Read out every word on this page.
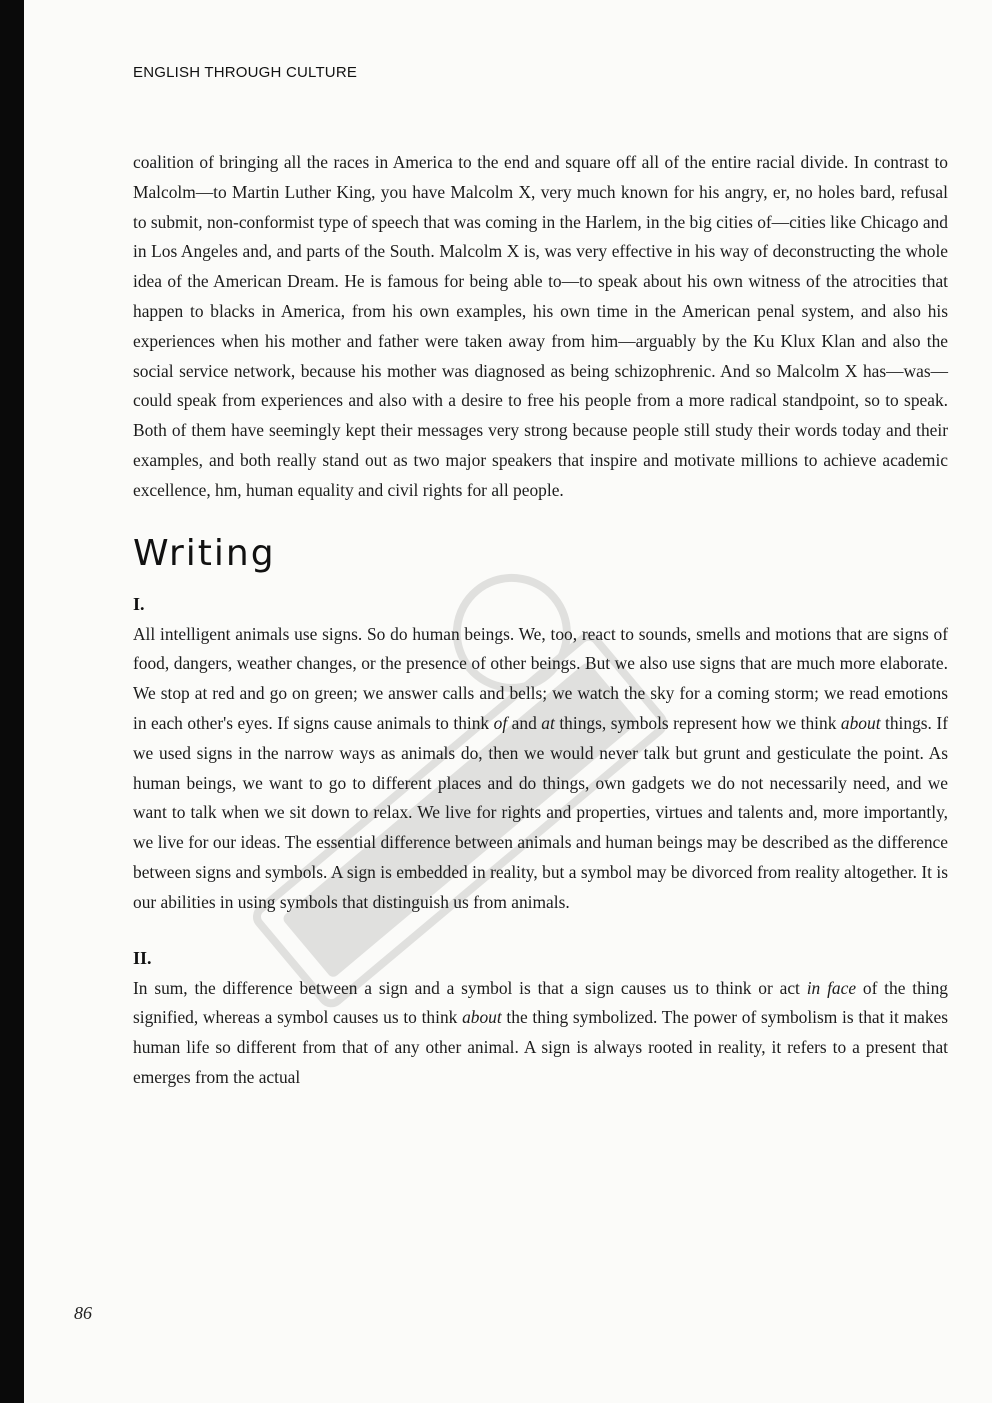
ENGLISH THROUGH CULTURE

coalition of bringing all the races in America to the end and square off all of the entire racial divide. In contrast to Malcolm—to Martin Luther King, you have Malcolm X, very much known for his angry, er, no holes bard, refusal to submit, non-conformist type of speech that was coming in the Harlem, in the big cities of—cities like Chicago and in Los Angeles and, and parts of the South. Malcolm X is, was very effective in his way of deconstructing the whole idea of the American Dream. He is famous for being able to—to speak about his own witness of the atrocities that happen to blacks in America, from his own examples, his own time in the American penal system, and also his experiences when his mother and father were taken away from him—arguably by the Ku Klux Klan and also the social service network, because his mother was diagnosed as being schizophrenic. And so Malcolm X has—was—could speak from experiences and also with a desire to free his people from a more radical standpoint, so to speak. Both of them have seemingly kept their messages very strong because people still study their words today and their examples, and both really stand out as two major speakers that inspire and motivate millions to achieve academic excellence, hm, human equality and civil rights for all people.

Writing
I.

All intelligent animals use signs. So do human beings. We, too, react to sounds, smells and motions that are signs of food, dangers, weather changes, or the presence of other beings. But we also use signs that are much more elaborate. We stop at red and go on green; we answer calls and bells; we watch the sky for a coming storm; we read emotions in each other's eyes. If signs cause animals to think of and at things, symbols represent how we think about things. If we used signs in the narrow ways as animals do, then we would never talk but grunt and gesticulate the point. As human beings, we want to go to different places and do things, own gadgets we do not necessarily need, and we want to talk when we sit down to relax. We live for rights and properties, virtues and talents and, more importantly, we live for our ideas. The essential difference between animals and human beings may be described as the difference between signs and symbols. A sign is embedded in reality, but a symbol may be divorced from reality altogether. It is our abilities in using symbols that distinguish us from animals.

II.

In sum, the difference between a sign and a symbol is that a sign causes us to think or act in face of the thing signified, whereas a symbol causes us to think about the thing symbolized. The power of symbolism is that it makes human life so different from that of any other animal. A sign is always rooted in reality, it refers to a present that emerges from the actual

86
